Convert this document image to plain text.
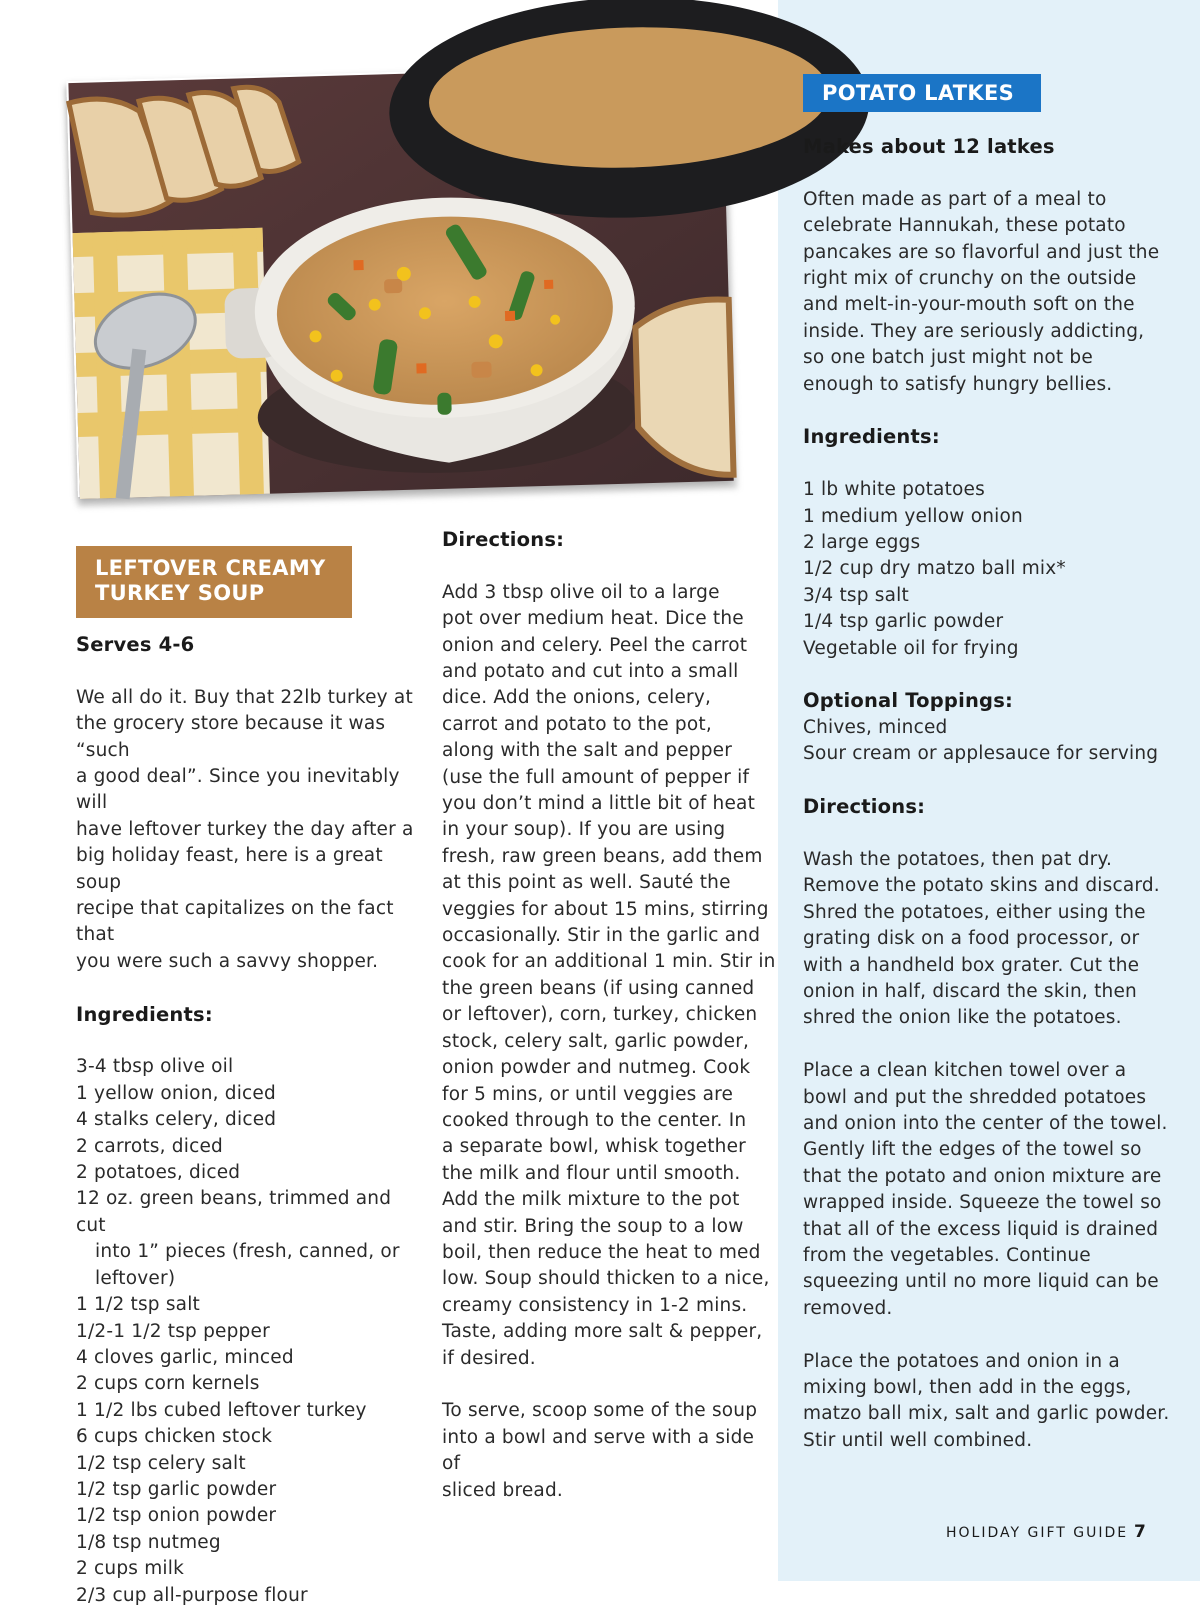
LEFTOVER CREAMY
TURKEY SOUP
Serves 4-6
We all do it. Buy that 22lb turkey at
the grocery store because it was “such
a good deal”. Since you inevitably will
have leftover turkey the day after a
big holiday feast, here is a great soup
recipe that capitalizes on the fact that
you were such a savvy shopper.
Ingredients:
3-4 tbsp olive oil
1 yellow onion, diced
4 stalks celery, diced
2 carrots, diced
2 potatoes, diced
12 oz. green beans, trimmed and cut
into 1” pieces (fresh, canned, or
leftover)
1 1/2 tsp salt
1/2-1 1/2 tsp pepper
4 cloves garlic, minced
2 cups corn kernels
1 1/2 lbs cubed leftover turkey
6 cups chicken stock
1/2 tsp celery salt
1/2 tsp garlic powder
1/2 tsp onion powder
1/8 tsp nutmeg
2 cups milk
2/3 cup all-purpose flour
Directions:
Add 3 tbsp olive oil to a large
pot over medium heat. Dice the
onion and celery. Peel the carrot
and potato and cut into a small
dice. Add the onions, celery,
carrot and potato to the pot,
along with the salt and pepper
(use the full amount of pepper if
you don’t mind a little bit of heat
in your soup). If you are using
fresh, raw green beans, add them
at this point as well. Sauté the
veggies for about 15 mins, stirring
occasionally. Stir in the garlic and
cook for an additional 1 min. Stir in
the green beans (if using canned
or leftover), corn, turkey, chicken
stock, celery salt, garlic powder,
onion powder and nutmeg. Cook
for 5 mins, or until veggies are
cooked through to the center. In
a separate bowl, whisk together
the milk and flour until smooth.
Add the milk mixture to the pot
and stir. Bring the soup to a low
boil, then reduce the heat to med
low. Soup should thicken to a nice,
creamy consistency in 1-2 mins.
Taste, adding more salt & pepper,
if desired.
To serve, scoop some of the soup
into a bowl and serve with a side of
sliced bread.
POTATO LATKES
Makes about 12 latkes
Often made as part of a meal to
celebrate Hannukah, these potato
pancakes are so flavorful and just the
right mix of crunchy on the outside
and melt-in-your-mouth soft on the
inside. They are seriously addicting,
so one batch just might not be
enough to satisfy hungry bellies.
Ingredients:
1 lb white potatoes
1 medium yellow onion
2 large eggs
1/2 cup dry matzo ball mix*
3/4 tsp salt
1/4 tsp garlic powder
Vegetable oil for frying
Optional Toppings:
Chives, minced
Sour cream or applesauce for serving
Directions:
Wash the potatoes, then pat dry.
Remove the potato skins and discard.
Shred the potatoes, either using the
grating disk on a food processor, or
with a handheld box grater. Cut the
onion in half, discard the skin, then
shred the onion like the potatoes.
Place a clean kitchen towel over a
bowl and put the shredded potatoes
and onion into the center of the towel.
Gently lift the edges of the towel so
that the potato and onion mixture are
wrapped inside. Squeeze the towel so
that all of the excess liquid is drained
from the vegetables. Continue
squeezing until no more liquid can be
removed.
Place the potatoes and onion in a
mixing bowl, then add in the eggs,
matzo ball mix, salt and garlic powder.
Stir until well combined.
HOLIDAY GIFT GUIDE 7
